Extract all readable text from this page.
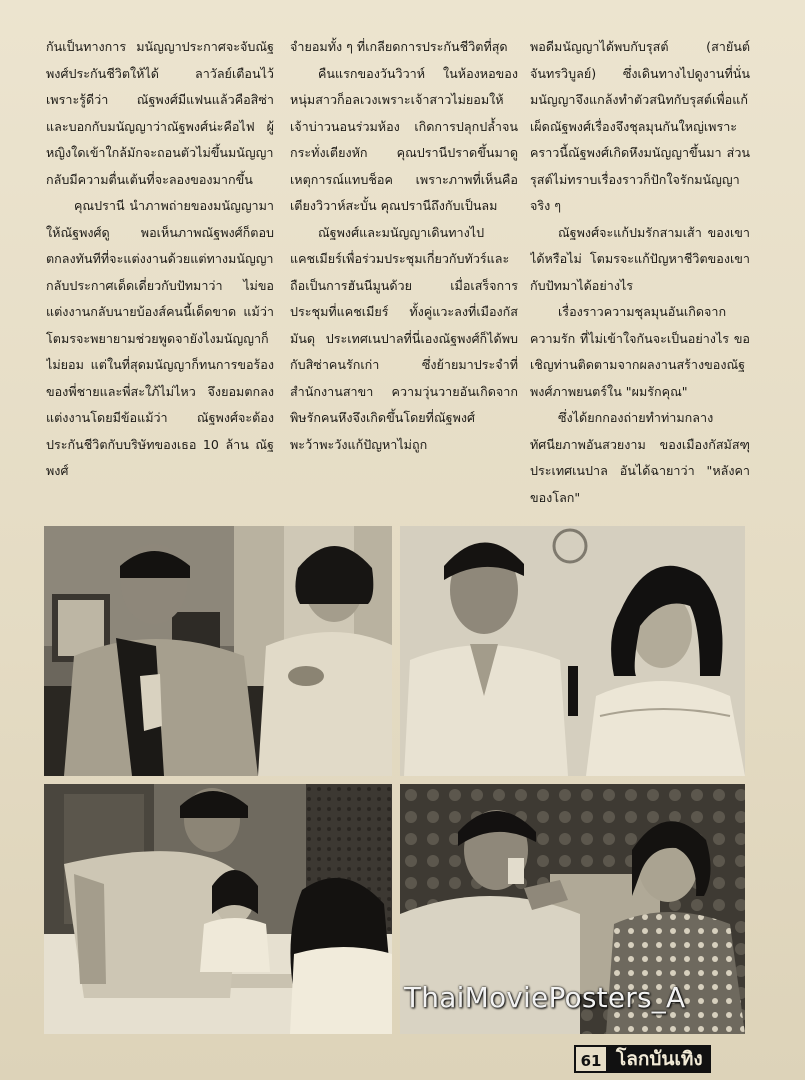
กันเป็นทางการ มนัญญาประกาศจะจับณัฐพงศ์ประกันชีวิตให้ได้ ลาวัลย์เตือนไว้ เพราะรู้ดีว่า ณัฐพงศ์มีแฟนแล้วคือสิซ่า และบอกกับมนัญญาว่าณัฐพงศ์น่ะคือไฟ ผู้หญิงใดเข้าใกล้มักจะถอนตัวไม่ขึ้นมนัญญากลับมีความตื่นเต้นที่จะลองของมากขึ้น

คุณปรานี นำภาพถ่ายของมนัญญามาให้ณัฐพงศ์ดู พอเห็นภาพณัฐพงศ์ก็ตอบตกลงทันทีที่จะแต่งงานด้วยแต่ทางมนัญญากลับประกาศเด็ดเดี่ยวกับปัทมาว่า ไม่ขอแต่งงานกลับนายบ้องส์คนนี้เด็ดขาด แม้ว่าโตมรจะพยายามช่วยพูดจายังไงมนัญญาก็ไม่ยอม แต่ในที่สุดมนัญญาก็ทนการขอร้องของพี่ชายและพี่สะใภ้ไม่ไหว จึงยอมตกลงแต่งงานโดยมีข้อแม้ว่า ณัฐพงศ์จะต้องประกันชีวิตกับบริษัทของเธอ 10 ล้าน ณัฐพงศ์

จำยอมทั้ง ๆ ที่เกลียดการประกันชีวิตที่สุด

คืนแรกของวันวิวาห์ ในห้องหอของหนุ่มสาวก็อลเวงเพราะเจ้าสาวไม่ยอมให้เจ้าบ่าวนอนร่วมห้อง เกิดการปลุกปล้ำจนกระทั่งเตียงหัก คุณปรานีปราดขึ้นมาดูเหตุการณ์แทบช็อค เพราะภาพที่เห็นคือเตียงวิวาห์สะบั้น คุณปรานีถึงกับเป็นลม

ณัฐพงศ์และมนัญญาเดินทางไปแคชเมียร์เพื่อร่วมประชุมเกี่ยวกับทัวร์และถือเป็นการฮันนีมูนด้วย เมื่อเสร็จการประชุมที่แคชเมียร์ ทั้งคู่แวะลงที่เมืองกัสมันดุ ประเทศเนปาลที่นี่เองณัฐพงศ์ก็ได้พบกับสิซ่าคนรักเก่า ซึ่งย้ายมาประจำที่สำนักงานสาขา ความวุ่นวายอันเกิดจากพิษรักคนหึงจึงเกิดขึ้นโดยที่ณัฐพงศ์พะว้าพะวังแก้ปัญหาไม่ถูก

พอดีมนัญญาได้พบกับรุสต์ (สายันต์ จันทรวิบูลย์) ซึ่งเดินทางไปดูงานที่นั่นมนัญญาจึงแกล้งทำตัวสนิทกับรุสต์เพื่อแก้เผ็ดณัฐพงศ์เรื่องจึงชุลมุนกันใหญ่เพราะคราวนี้ณัฐพงศ์เกิดหึงมนัญญาขึ้นมา ส่วนรุสต์ไม่ทราบเรื่องราวก็ปักใจรักมนัญญาจริง ๆ

ณัฐพงศ์จะแก้ปมรักสามเส้า ของเขาได้หรือไม่ โตมรจะแก้ปัญหาชีวิตของเขากับปัทมาได้อย่างไร

เรื่องราวความชุลมุนอันเกิดจากความรัก ที่ไม่เข้าใจกันจะเป็นอย่างไร ขอเชิญท่านติดตามจากผลงานสร้างของณัฐพงศ์ภาพยนตร์ใน "ผมรักคุณ"

ซึ่งได้ยกกองถ่ายทำท่ามกลางทัศนียภาพอันสวยงาม ของเมืองกัสมัสฑุประเทศเนปาล อันได้ฉายาว่า "หลังคาของโลก"

ThaiMoviePosters_A
61 โลกบันเทิง
